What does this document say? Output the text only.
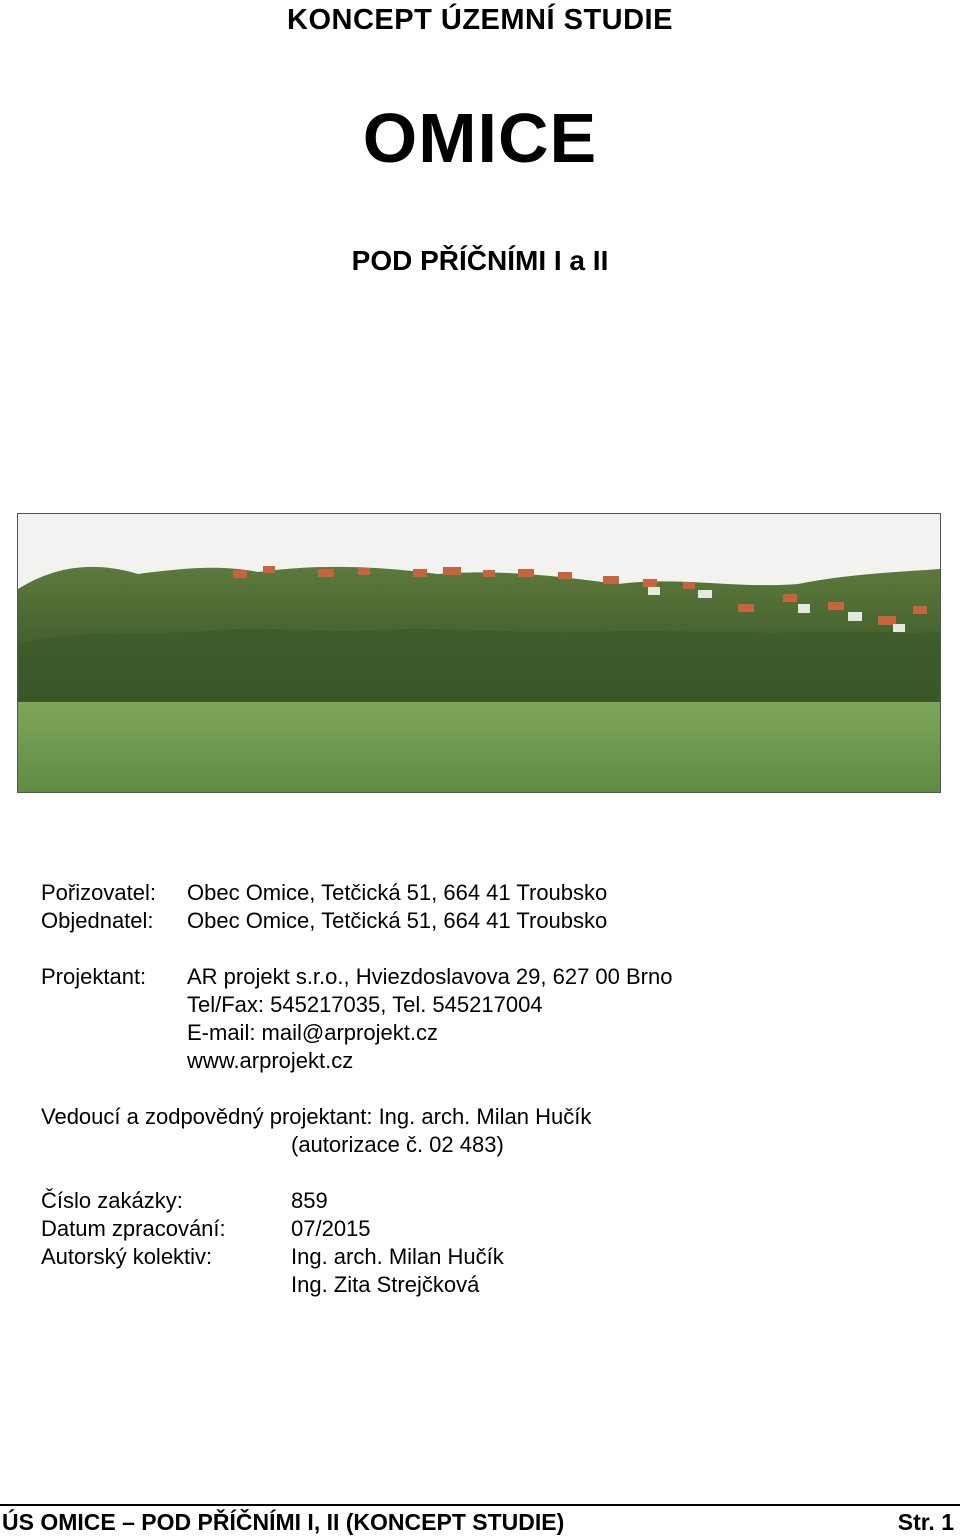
KONCEPT ÚZEMNÍ STUDIE
OMICE
POD PŘÍČNÍMI I a II
Pořizovatel: Obec Omice, Tetčická 51, 664 41 Troubsko
Objednatel: Obec Omice, Tetčická 51, 664 41 Troubsko
Projektant: AR projekt s.r.o., Hviezdoslavova 29, 627 00 Brno
Tel/Fax: 545217035, Tel. 545217004
E-mail: mail@arprojekt.cz
www.arprojekt.cz
Vedoucí a zodpovědný projektant: Ing. arch. Milan Hučík
(autorizace č. 02 483)
Číslo zakázky:	859
Datum zpracování:	07/2015
Autorský kolektiv:	Ing. arch. Milan Hučík
Ing. Zita Strejčková
ÚS OMICE – POD PŘÍČNÍMI I, II (KONCEPT STUDIE)	Str. 1
